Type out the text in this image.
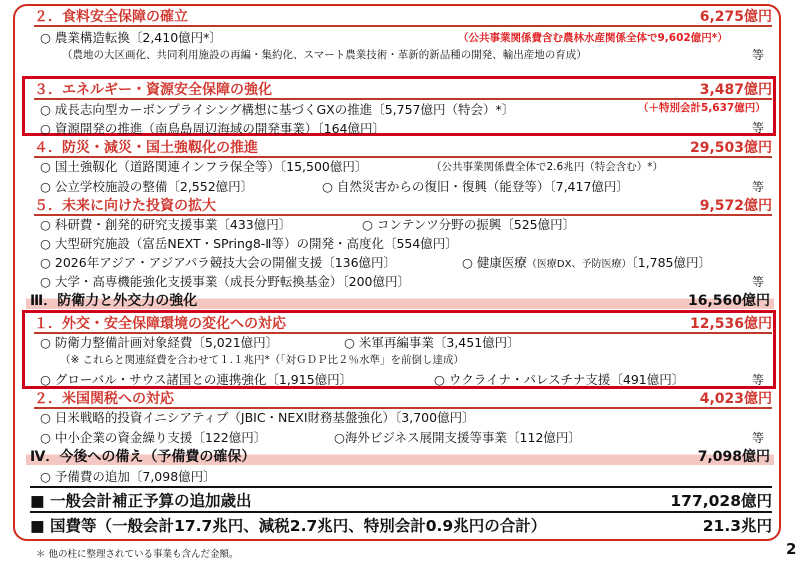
２．食料安全保障の確立	6,275億円
○ 農業構造転換〔2,410億円*〕	（公共事業関係費含む農林水産関係全体で9,602億円*）
（農地の大区画化、共同利用施設の再編・集約化、スマート農業技術・革新的新品種の開発、輸出産地の育成）	等
３．エネルギー・資源安全保障の強化	3,487億円
○ 成長志向型カーボンプライシング構想に基づくGXの推進〔5,757億円（特会）*〕	（＋特別会計5,637億円）
○ 資源開発の推進（南鳥島周辺海域の開発事業）〔164億円〕	等
４．防災・減災・国土強靱化の推進	29,503億円
○ 国土強靱化（道路関連インフラ保全等）〔15,500億円〕	（公共事業関係費全体で2.6兆円（特会含む）*）
○ 公立学校施設の整備〔2,552億円〕	○ 自然災害からの復旧・復興（能登等）〔7,417億円〕	等
５．未来に向けた投資の拡大	9,572億円
○ 科研費・創発的研究支援事業〔433億円〕	○ コンテンツ分野の振興〔525億円〕
○ 大型研究施設（富岳NEXT・SPring8-Ⅱ等）の開発・高度化〔554億円〕
○ 2026年アジア・アジアパラ競技大会の開催支援〔136億円〕	○ 健康医療（医療DX、予防医療）〔1,785億円〕
○ 大学・高専機能強化支援事業（成長分野転換基金）〔200億円〕	等
Ⅲ．防衛力と外交力の強化	16,560億円
１．外交・安全保障環境の変化への対応	12,536億円
○ 防衛力整備計画対象経費〔5,021億円〕	○ 米軍再編事業〔3,451億円〕
（※ これらと関連経費を合わせて１.１兆円*（「対ＧＤＰ比２％水準」を前倒し達成）
○ グローバル・サウス諸国との連携強化〔1,915億円〕	○ ウクライナ・パレスチナ支援〔491億円〕	等
２．米国関税への対応	4,023億円
○ 日米戦略的投資イニシアティブ（JBIC・NEXI財務基盤強化）〔3,700億円〕
○ 中小企業の資金繰り支援〔122億円〕	○海外ビジネス展開支援等事業〔112億円〕	等
Ⅳ．今後への備え（予備費の確保）	7,098億円
○ 予備費の追加〔7,098億円〕
■ 一般会計補正予算の追加歳出	177,028億円
■ 国費等（一般会計17.7兆円、減税2.7兆円、特別会計0.9兆円の合計）	21.3兆円
＊ 他の柱に整理されている事業も含んだ金額。	2
